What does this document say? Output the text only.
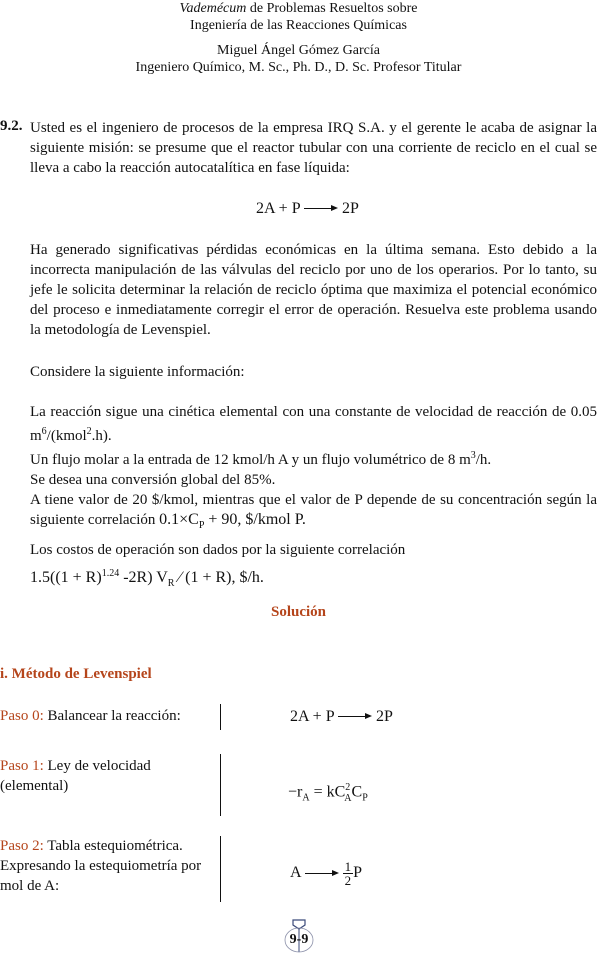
Vademécum de Problemas Resueltos sobre
Ingeniería de las Reacciones Químicas
Miguel Ángel Gómez García
Ingeniero Químico, M. Sc., Ph. D., D. Sc. Profesor Titular
9.2. Usted es el ingeniero de procesos de la empresa IRQ S.A. y el gerente le acaba de asignar la siguiente misión: se presume que el reactor tubular con una corriente de reciclo en el cual se lleva a cabo la reacción autocatalítica en fase líquida:
2A + P	2P
Ha generado significativas pérdidas económicas en la última semana. Esto debido a la incorrecta manipulación de las válvulas del reciclo por uno de los operarios. Por lo tanto, su jefe le solicita determinar la relación de reciclo óptima que maximiza el potencial económico del proceso e inmediatamente corregir el error de operación. Resuelva este problema usando la metodología de Levenspiel.
Considere la siguiente información:

La reacción sigue una cinética elemental con una constante de velocidad de reacción de 0.05 $m^6/(kmol^2.h)$.

Un flujo molar a la entrada de 12 kmol/h A y un flujo volumétrico de 8 $m^3/h$.

Se desea una conversión global del 85%.

A tiene valor de 20 $/kmol, mientras que el valor de P depende de su concentración según la siguiente correlación $0.1\times C_P + 90$, $/kmol P.

Los costos de operación son dados por la siguiente correlación

$1.5((1 + R)^{1.24}$ -2R) $V_R$ ⁄ (1 + R), $/h.

Solución
i. Método de Levenspiel
Paso 0: Balancear la reacción:	2A + P	2P
Paso 1: Ley de velocidad (elemental)	$-r_A = kC^2_AC_P$
Paso 2: Tabla estequiométrica. Expresando la estequiometría por mol de A:
A	$\frac{1}{2}$ P
9-9
